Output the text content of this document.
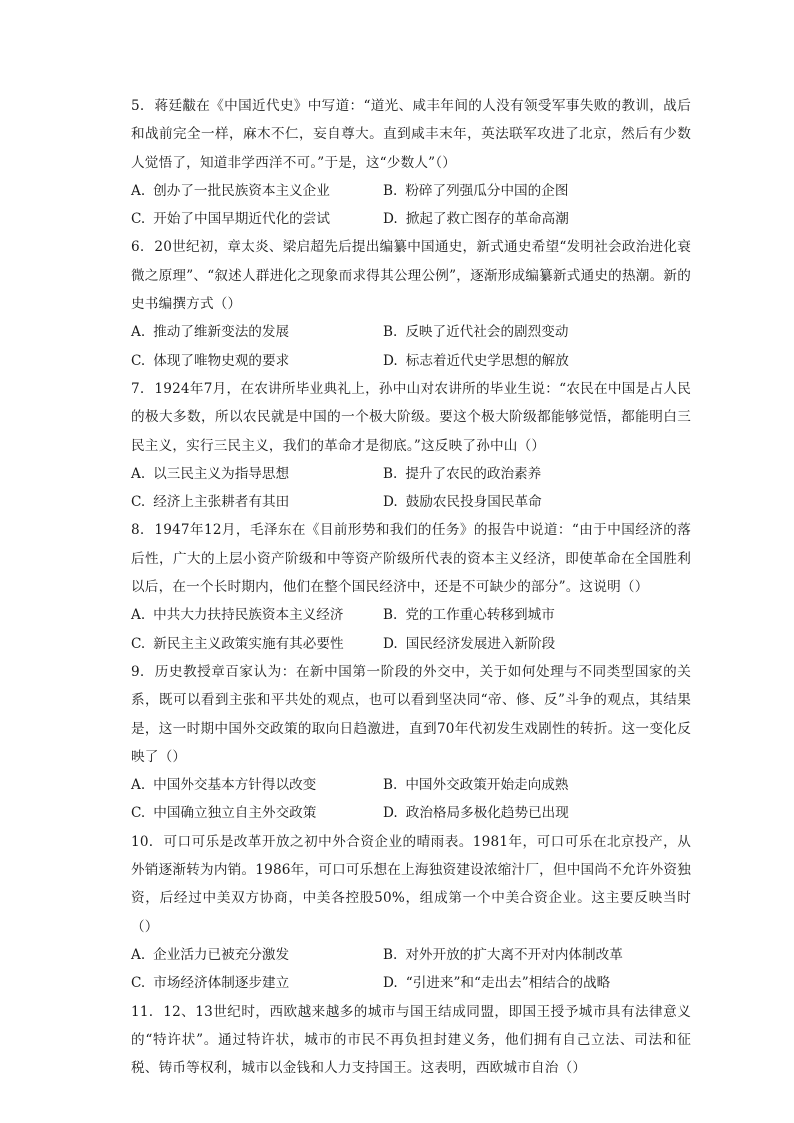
5. 蒋廷黻在《中国近代史》中写道：“道光、咸丰年间的人没有领受军事失败的教训，战后和战前完全一样，麻木不仁，妄自尊大。直到咸丰末年，英法联军攻进了北京，然后有少数人觉悟了，知道非学西洋不可。”于是，这“少数人”（）

A. 创办了一批民族资本主义企业	B. 粉碎了列强瓜分中国的企图
C. 开始了中国早期近代化的尝试	D. 掀起了救亡图存的革命高潮

6. 20世纪初，章太炎、梁启超先后提出编纂中国通史，新式通史希望“发明社会政治进化衰微之原理”、“叙述人群进化之现象而求得其公理公例”，逐渐形成编纂新式通史的热潮。新的史书编撰方式（）

A. 推动了维新变法的发展	B. 反映了近代社会的剧烈变动
C. 体现了唯物史观的要求	D. 标志着近代史学思想的解放

7. 1924年7月，在农讲所毕业典礼上，孙中山对农讲所的毕业生说：“农民在中国是占人民的极大多数，所以农民就是中国的一个极大阶级。要这个极大阶级都能够觉悟，都能明白三民主义，实行三民主义，我们的革命才是彻底。”这反映了孙中山（）

A. 以三民主义为指导思想	B. 提升了农民的政治素养
C. 经济上主张耕者有其田	D. 鼓励农民投身国民革命

8. 1947年12月，毛泽东在《目前形势和我们的任务》的报告中说道：“由于中国经济的落后性，广大的上层小资产阶级和中等资产阶级所代表的资本主义经济，即使革命在全国胜利以后，在一个长时期内，他们在整个国民经济中，还是不可缺少的部分”。这说明（）

A. 中共大力扶持民族资本主义经济	B. 党的工作重心转移到城市
C. 新民主主义政策实施有其必要性	D. 国民经济发展进入新阶段

9. 历史教授章百家认为：在新中国第一阶段的外交中，关于如何处理与不同类型国家的关系，既可以看到主张和平共处的观点，也可以看到坚决同“帝、修、反”斗争的观点，其结果是，这一时期中国外交政策的取向日趋激进，直到70年代初发生戏剧性的转折。这一变化反映了（）

A. 中国外交基本方针得以改变	B. 中国外交政策开始走向成熟
C. 中国确立独立自主外交政策	D. 政治格局多极化趋势已出现

10. 可口可乐是改革开放之初中外合资企业的晴雨表。1981年，可口可乐在北京投产，从外销逐渐转为内销。1986年，可口可乐想在上海独资建设浓缩汁厂，但中国尚不允许外资独资，后经过中美双方协商，中美各控股50%，组成第一个中美合资企业。这主要反映当时（）

A. 企业活力已被充分激发	B. 对外开放的扩大离不开对内体制改革
C. 市场经济体制逐步建立	D. “引进来”和“走出去”相结合的战略

11. 12、13世纪时，西欧越来越多的城市与国王结成同盟，即国王授予城市具有法律意义的“特许状”。通过特许状，城市的市民不再负担封建义务，他们拥有自己立法、司法和征税、铸币等权利，城市以金钱和人力支持国王。这表明，西欧城市自治（）
